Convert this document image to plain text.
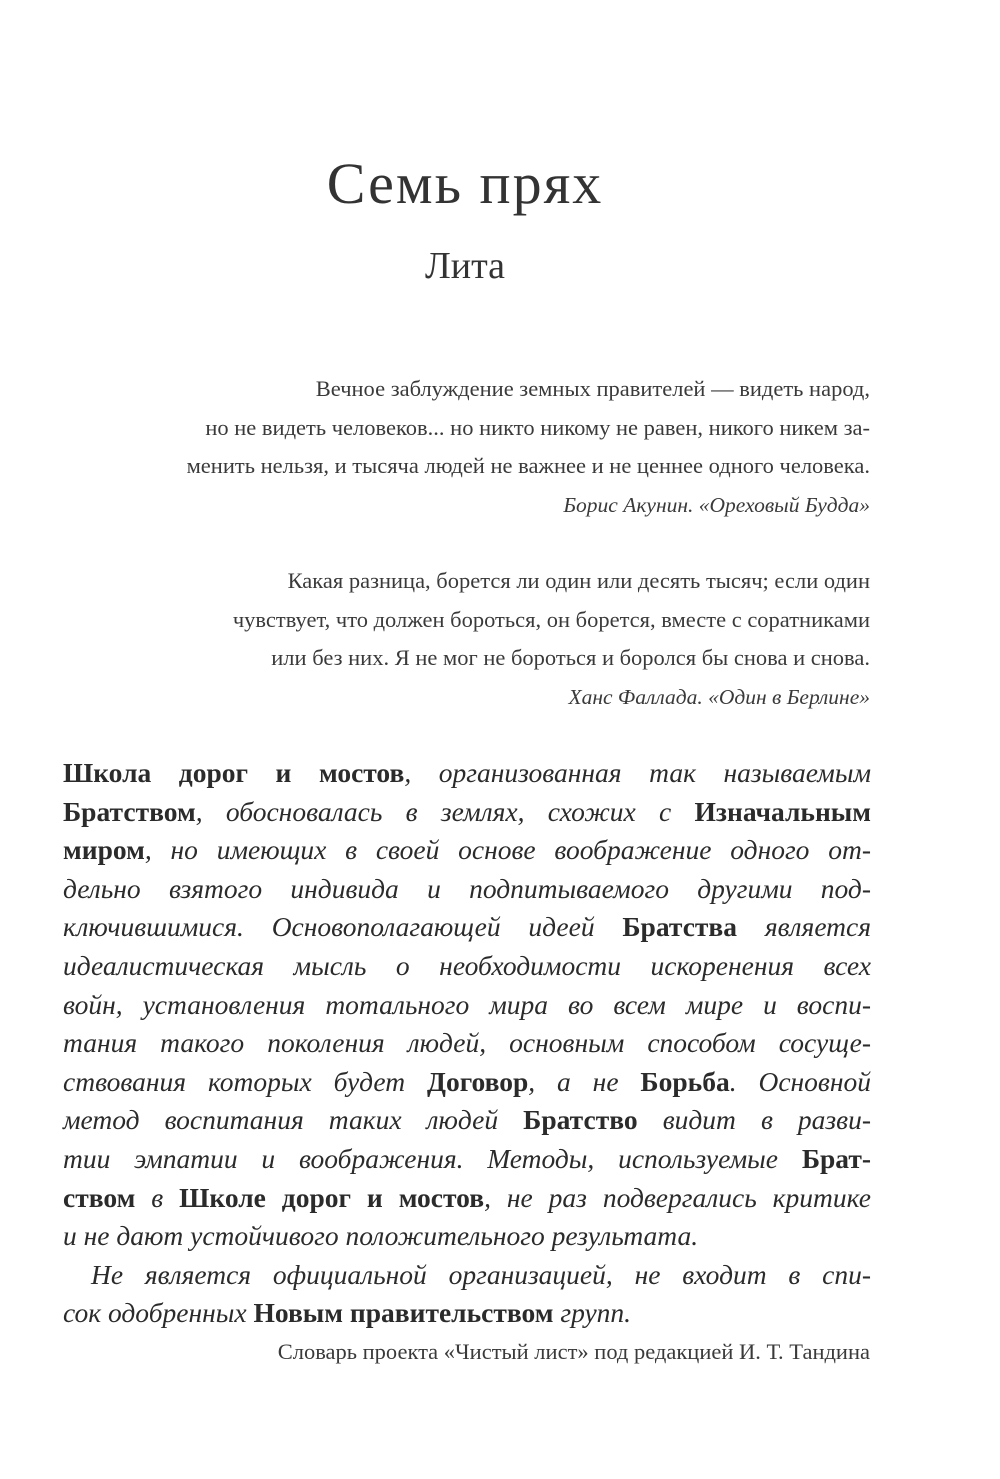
Семь прях
Лита
Вечное заблуждение земных правителей — видеть народ,
но не видеть человеков... но никто никому не равен, никого никем за-
менить нельзя, и тысяча людей не важнее и не ценнее одного человека.
Борис Акунин. «Ореховый Будда»
Какая разница, борется ли один или десять тысяч; если один
чувствует, что должен бороться, он борется, вместе с соратниками
или без них. Я не мог не бороться и боролся бы снова и снова.
Ханс Фаллада. «Один в Берлине»
Школа дорог и мостов, организованная так называемым
Братством, обосновалась в землях, схожих с Изначальным
миром, но имеющих в своей основе воображение одного от-
дельно взятого индивида и подпитываемого другими под-
ключившимися. Основополагающей идеей Братства является
идеалистическая мысль о необходимости искоренения всех
войн, установления тотального мира во всем мире и воспи-
тания такого поколения людей, основным способом сосуще-
ствования которых будет Договор, а не Борьба. Основной
метод воспитания таких людей Братство видит в разви-
тии эмпатии и воображения. Методы, используемые Брат-
ством в Школе дорог и мостов, не раз подвергались критике
и не дают устойчивого положительного результата.
Не является официальной организацией, не входит в спи-
сок одобренных Новым правительством групп.
Словарь проекта «Чистый лист» под редакцией И. Т. Тандина
